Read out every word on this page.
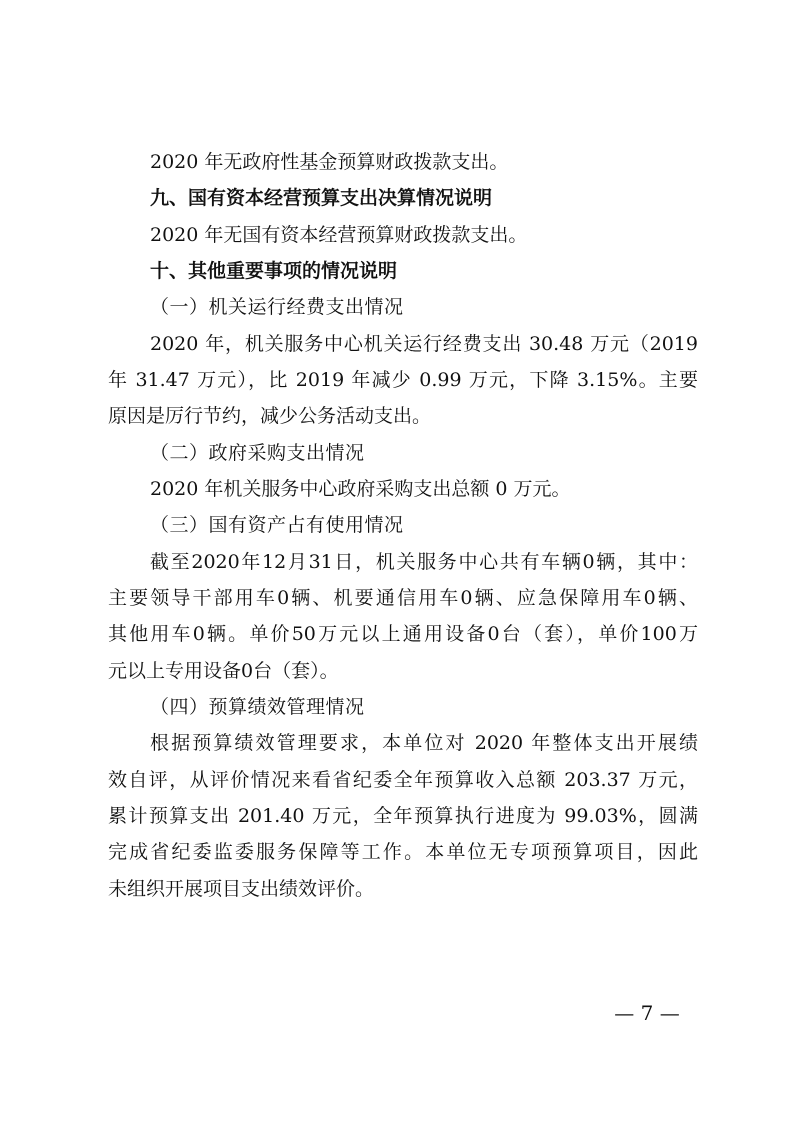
2020 年无政府性基金预算财政拨款支出。
九、国有资本经营预算支出决算情况说明
2020 年无国有资本经营预算财政拨款支出。
十、其他重要事项的情况说明
（一）机关运行经费支出情况
2020 年，机关服务中心机关运行经费支出 30.48 万元（2019
年 31.47 万元），比 2019 年减少 0.99 万元，下降 3.15%。主要
原因是厉行节约，减少公务活动支出。
（二）政府采购支出情况
2020 年机关服务中心政府采购支出总额 0 万元。
（三）国有资产占有使用情况
截至2020年12月31日，机关服务中心共有车辆0辆，其中：
主要领导干部用车0辆、机要通信用车0辆、应急保障用车0辆、
其他用车0辆。单价50万元以上通用设备0台（套），单价100万
元以上专用设备0台（套）。
（四）预算绩效管理情况
根据预算绩效管理要求，本单位对 2020 年整体支出开展绩
效自评，从评价情况来看省纪委全年预算收入总额 203.37 万元，
累计预算支出 201.40 万元，全年预算执行进度为 99.03%，圆满
完成省纪委监委服务保障等工作。本单位无专项预算项目，因此
未组织开展项目支出绩效评价。
— 7 —
